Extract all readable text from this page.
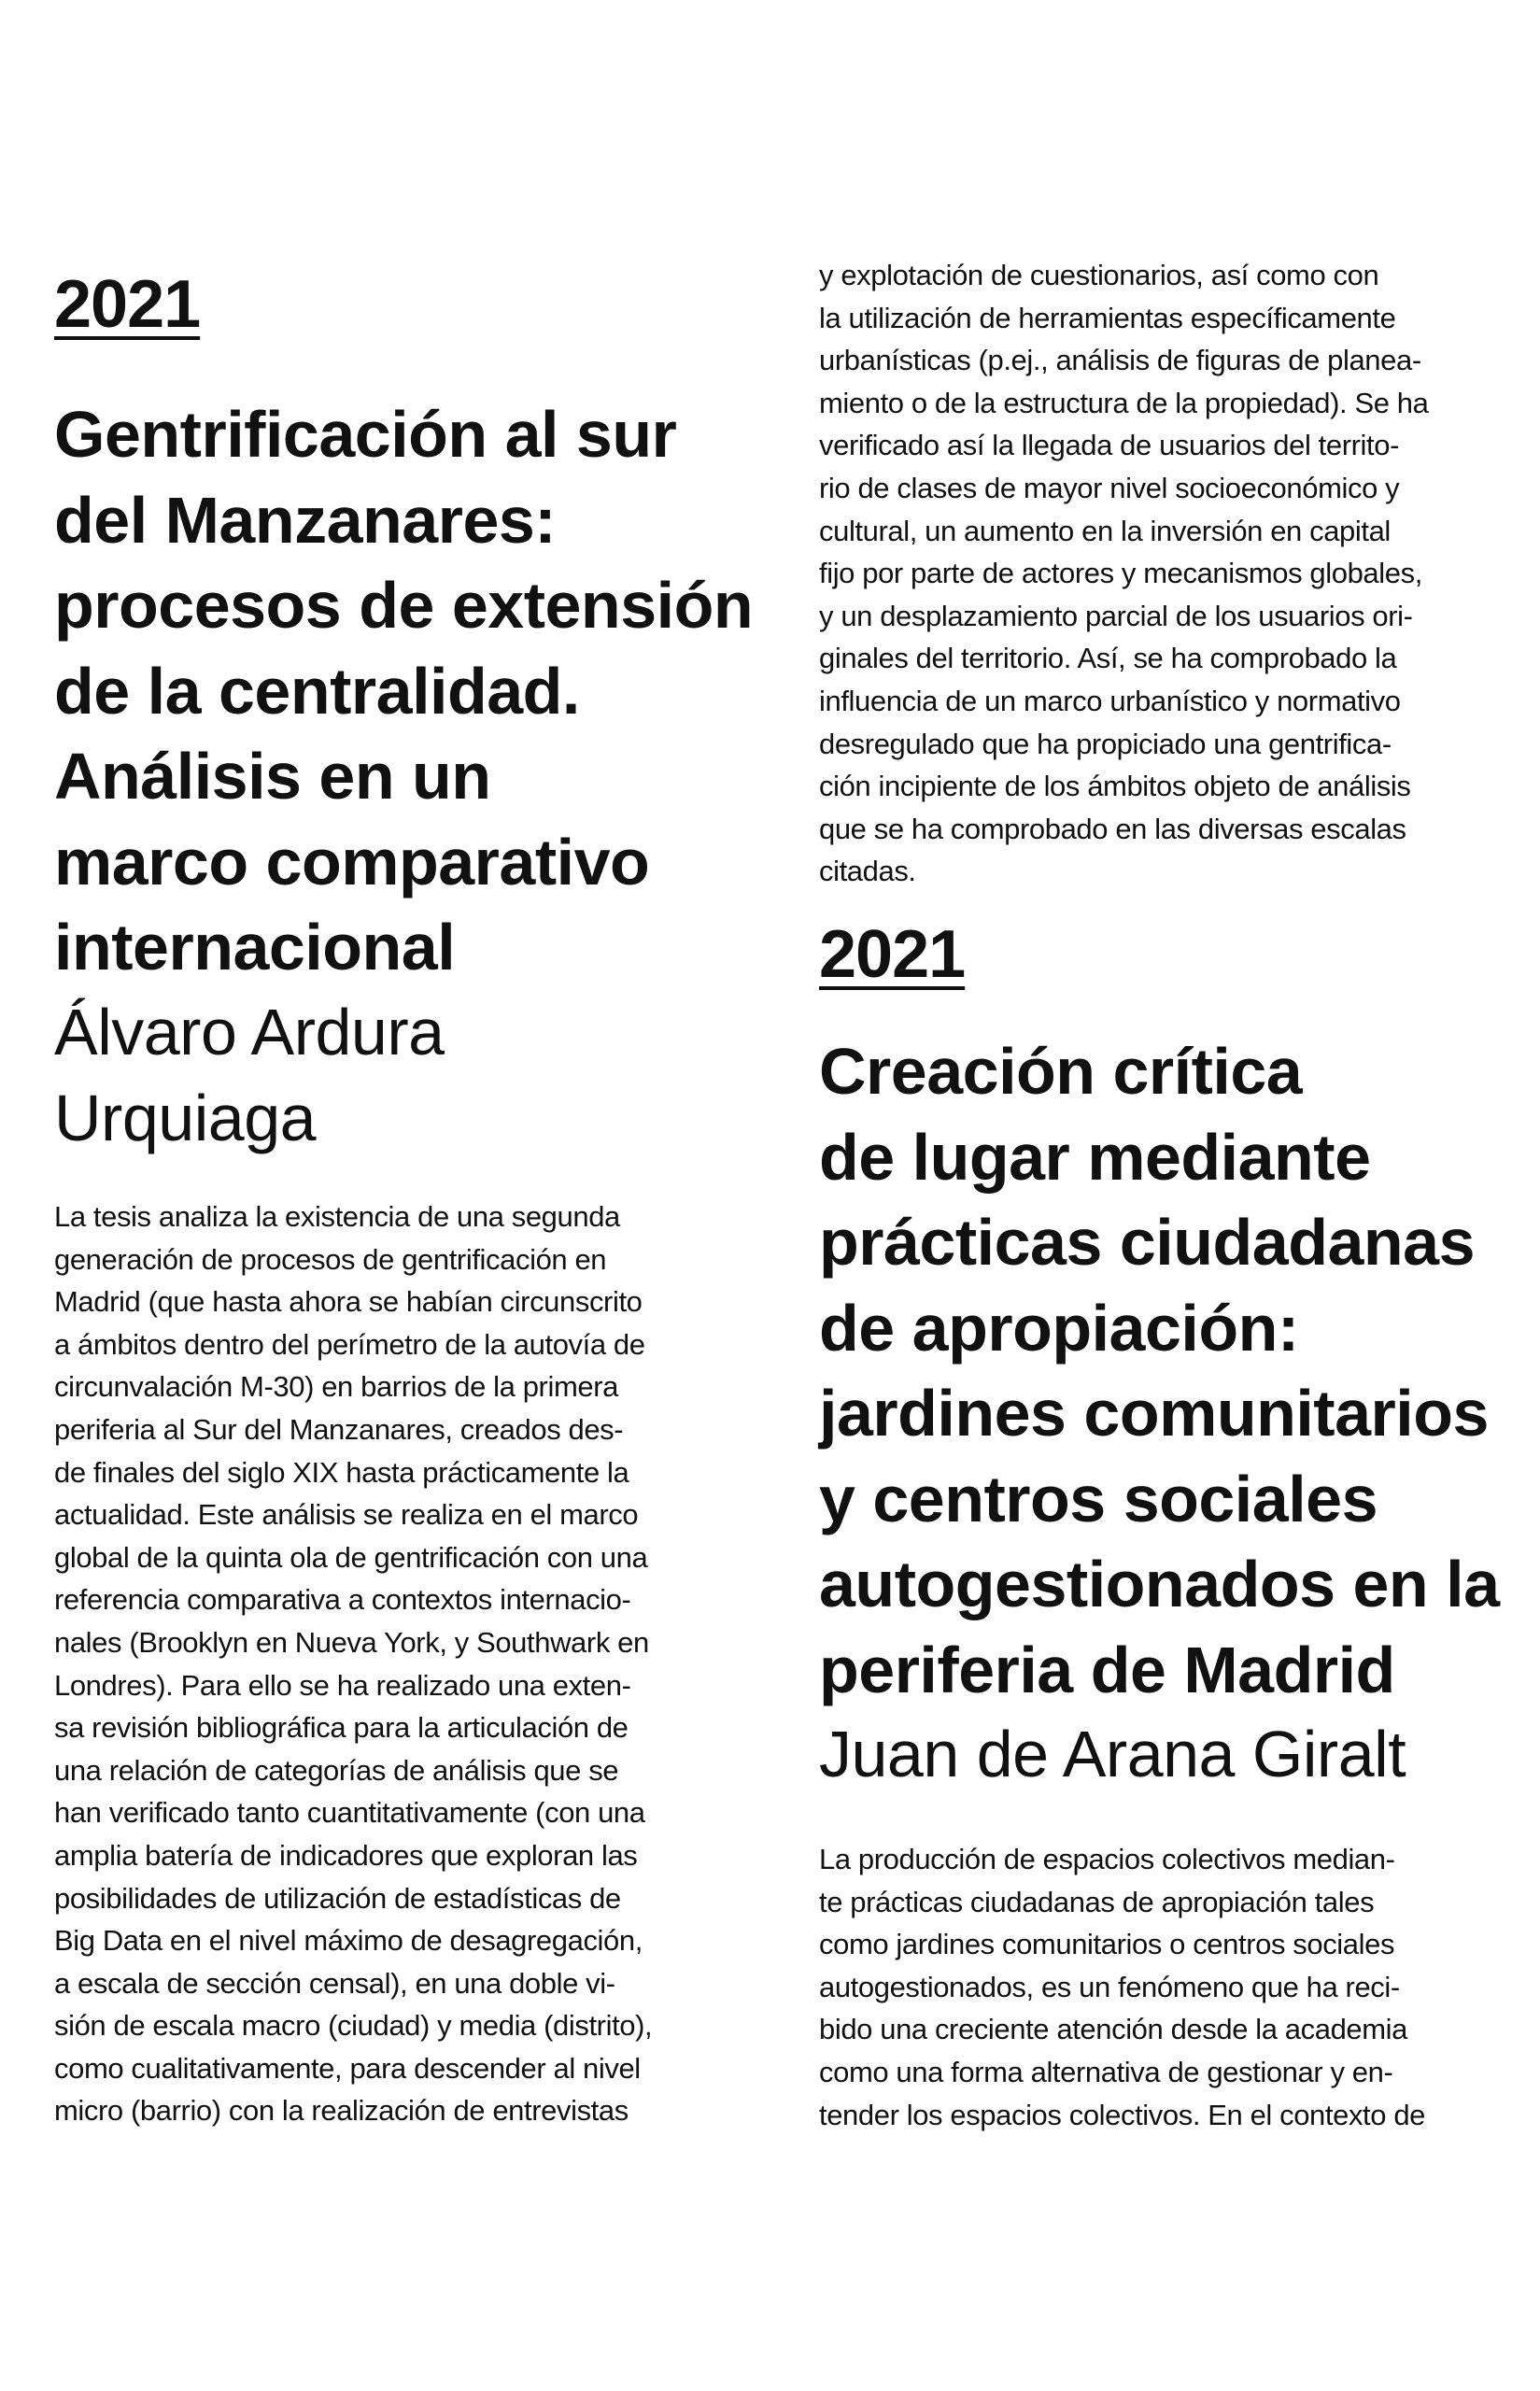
2021
Gentrificación al sur
del Manzanares:
procesos de extensión
de la centralidad.
Análisis en un
marco comparativo
internacional
Álvaro Ardura
Urquiaga
La tesis analiza la existencia de una segunda
generación de procesos de gentrificación en
Madrid (que hasta ahora se habían circunscrito
a ámbitos dentro del perímetro de la autovía de
circunvalación M-30) en barrios de la primera
periferia al Sur del Manzanares, creados des-
de finales del siglo XIX hasta prácticamente la
actualidad. Este análisis se realiza en el marco
global de la quinta ola de gentrificación con una
referencia comparativa a contextos internacio-
nales (Brooklyn en Nueva York, y Southwark en
Londres). Para ello se ha realizado una exten-
sa revisión bibliográfica para la articulación de
una relación de categorías de análisis que se
han verificado tanto cuantitativamente (con una
amplia batería de indicadores que exploran las
posibilidades de utilización de estadísticas de
Big Data en el nivel máximo de desagregación,
a escala de sección censal), en una doble vi-
sión de escala macro (ciudad) y media (distrito),
como cualitativamente, para descender al nivel
micro (barrio) con la realización de entrevistas
y explotación de cuestionarios, así como con
la utilización de herramientas específicamente
urbanísticas (p.ej., análisis de figuras de planea-
miento o de la estructura de la propiedad). Se ha
verificado así la llegada de usuarios del territo-
rio de clases de mayor nivel socioeconómico y
cultural, un aumento en la inversión en capital
fijo por parte de actores y mecanismos globales,
y un desplazamiento parcial de los usuarios ori-
ginales del territorio. Así, se ha comprobado la
influencia de un marco urbanístico y normativo
desregulado que ha propiciado una gentrifica-
ción incipiente de los ámbitos objeto de análisis
que se ha comprobado en las diversas escalas
citadas.
2021
Creación crítica
de lugar mediante
prácticas ciudadanas
de apropiación:
jardines comunitarios
y centros sociales
autogestionados en la
periferia de Madrid
Juan de Arana Giralt
La producción de espacios colectivos median-
te prácticas ciudadanas de apropiación tales
como jardines comunitarios o centros sociales
autogestionados, es un fenómeno que ha reci-
bido una creciente atención desde la academia
como una forma alternativa de gestionar y en-
tender los espacios colectivos. En el contexto de
